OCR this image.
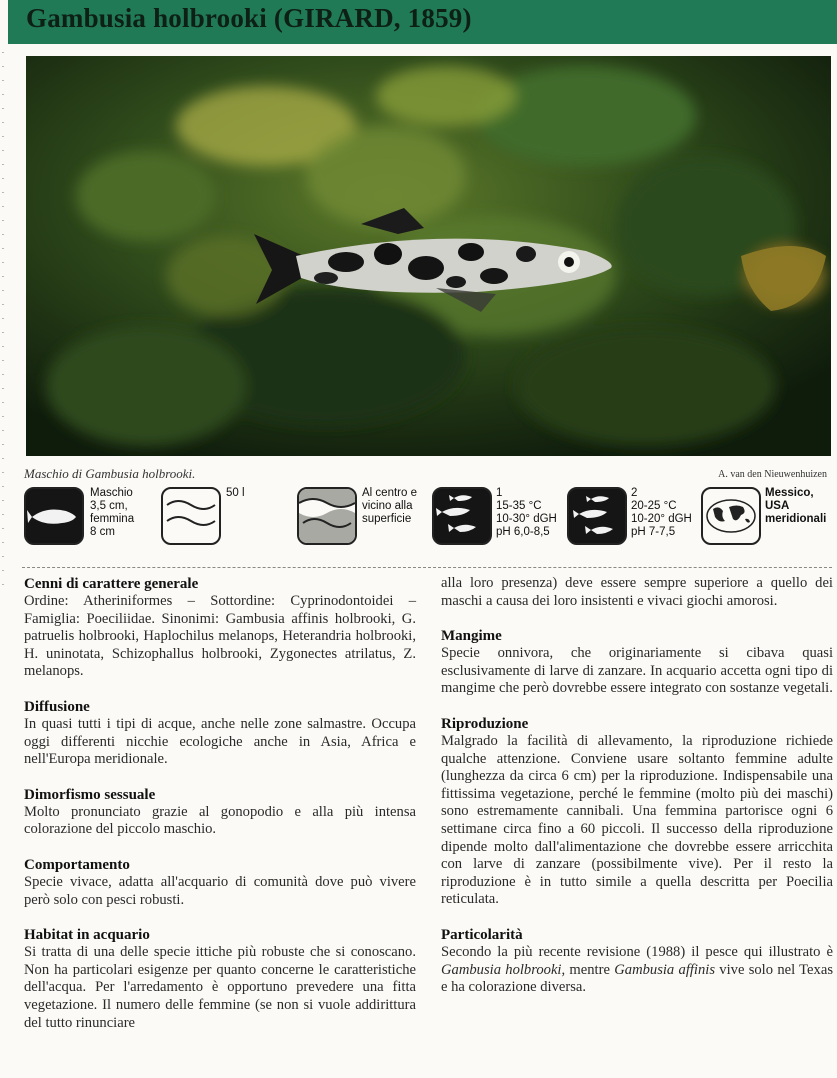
Gambusia holbrooki (GIRARD, 1859)
Maschio di Gambusia holbrooki.	A. van den Nieuwenhuizen
Maschio
3,5 cm,
femmina
8 cm
50 l	Al centro e
vicino alla
superficie
1
15-35 °C
10-30° dGH
pH 6,0-8,5
2
20-25 °C
10-20° dGH
pH 7-7,5
Messico,
USA
meridionali
Cenni di carattere generale

Ordine: Atheriniformes – Sottordine: Cyprinodontoidei – Famiglia: Poeciliidae. Sinonimi: Gambusia affinis holbrooki, G. patruelis holbrooki, Haplochilus melanops, Heterandria holbrooki, H. uninotata, Schizophallus holbrooki, Zygonectes atrilatus, Z. melanops.

Diffusione

In quasi tutti i tipi di acque, anche nelle zone salmastre. Occupa oggi differenti nicchie ecologiche anche in Asia, Africa e nell'Europa meridionale.

Dimorfismo sessuale

Molto pronunciato grazie al gonopodio e alla più intensa colorazione del piccolo maschio.

Comportamento

Specie vivace, adatta all'acquario di comunità dove può vivere però solo con pesci robusti.

Habitat in acquario

Si tratta di una delle specie ittiche più robuste che si conoscano. Non ha particolari esigenze per quanto concerne le caratteristiche dell'acqua. Per l'arredamento è opportuno prevedere una fitta vegetazione. Il numero delle femmine (se non si vuole addirittura del tutto rinunciare

alla loro presenza) deve essere sempre superiore a quello dei maschi a causa dei loro insistenti e vivaci giochi amorosi.

Mangime

Specie onnivora, che originariamente si cibava quasi esclusivamente di larve di zanzare. In acquario accetta ogni tipo di mangime che però dovrebbe essere integrato con sostanze vegetali.

Riproduzione

Malgrado la facilità di allevamento, la riproduzione richiede qualche attenzione. Conviene usare soltanto femmine adulte (lunghezza da circa 6 cm) per la riproduzione. Indispensabile una fittissima vegetazione, perché le femmine (molto più dei maschi) sono estremamente cannibali. Una femmina partorisce ogni 6 settimane circa fino a 60 piccoli. Il successo della riproduzione dipende molto dall'alimentazione che dovrebbe essere arricchita con larve di zanzare (possibilmente vive). Per il resto la riproduzione è in tutto simile a quella descritta per Poecilia reticulata.

Particolarità

Secondo la più recente revisione (1988) il pesce qui illustrato è Gambusia holbrooki, mentre Gambusia affinis vive solo nel Texas e ha colorazione diversa.
